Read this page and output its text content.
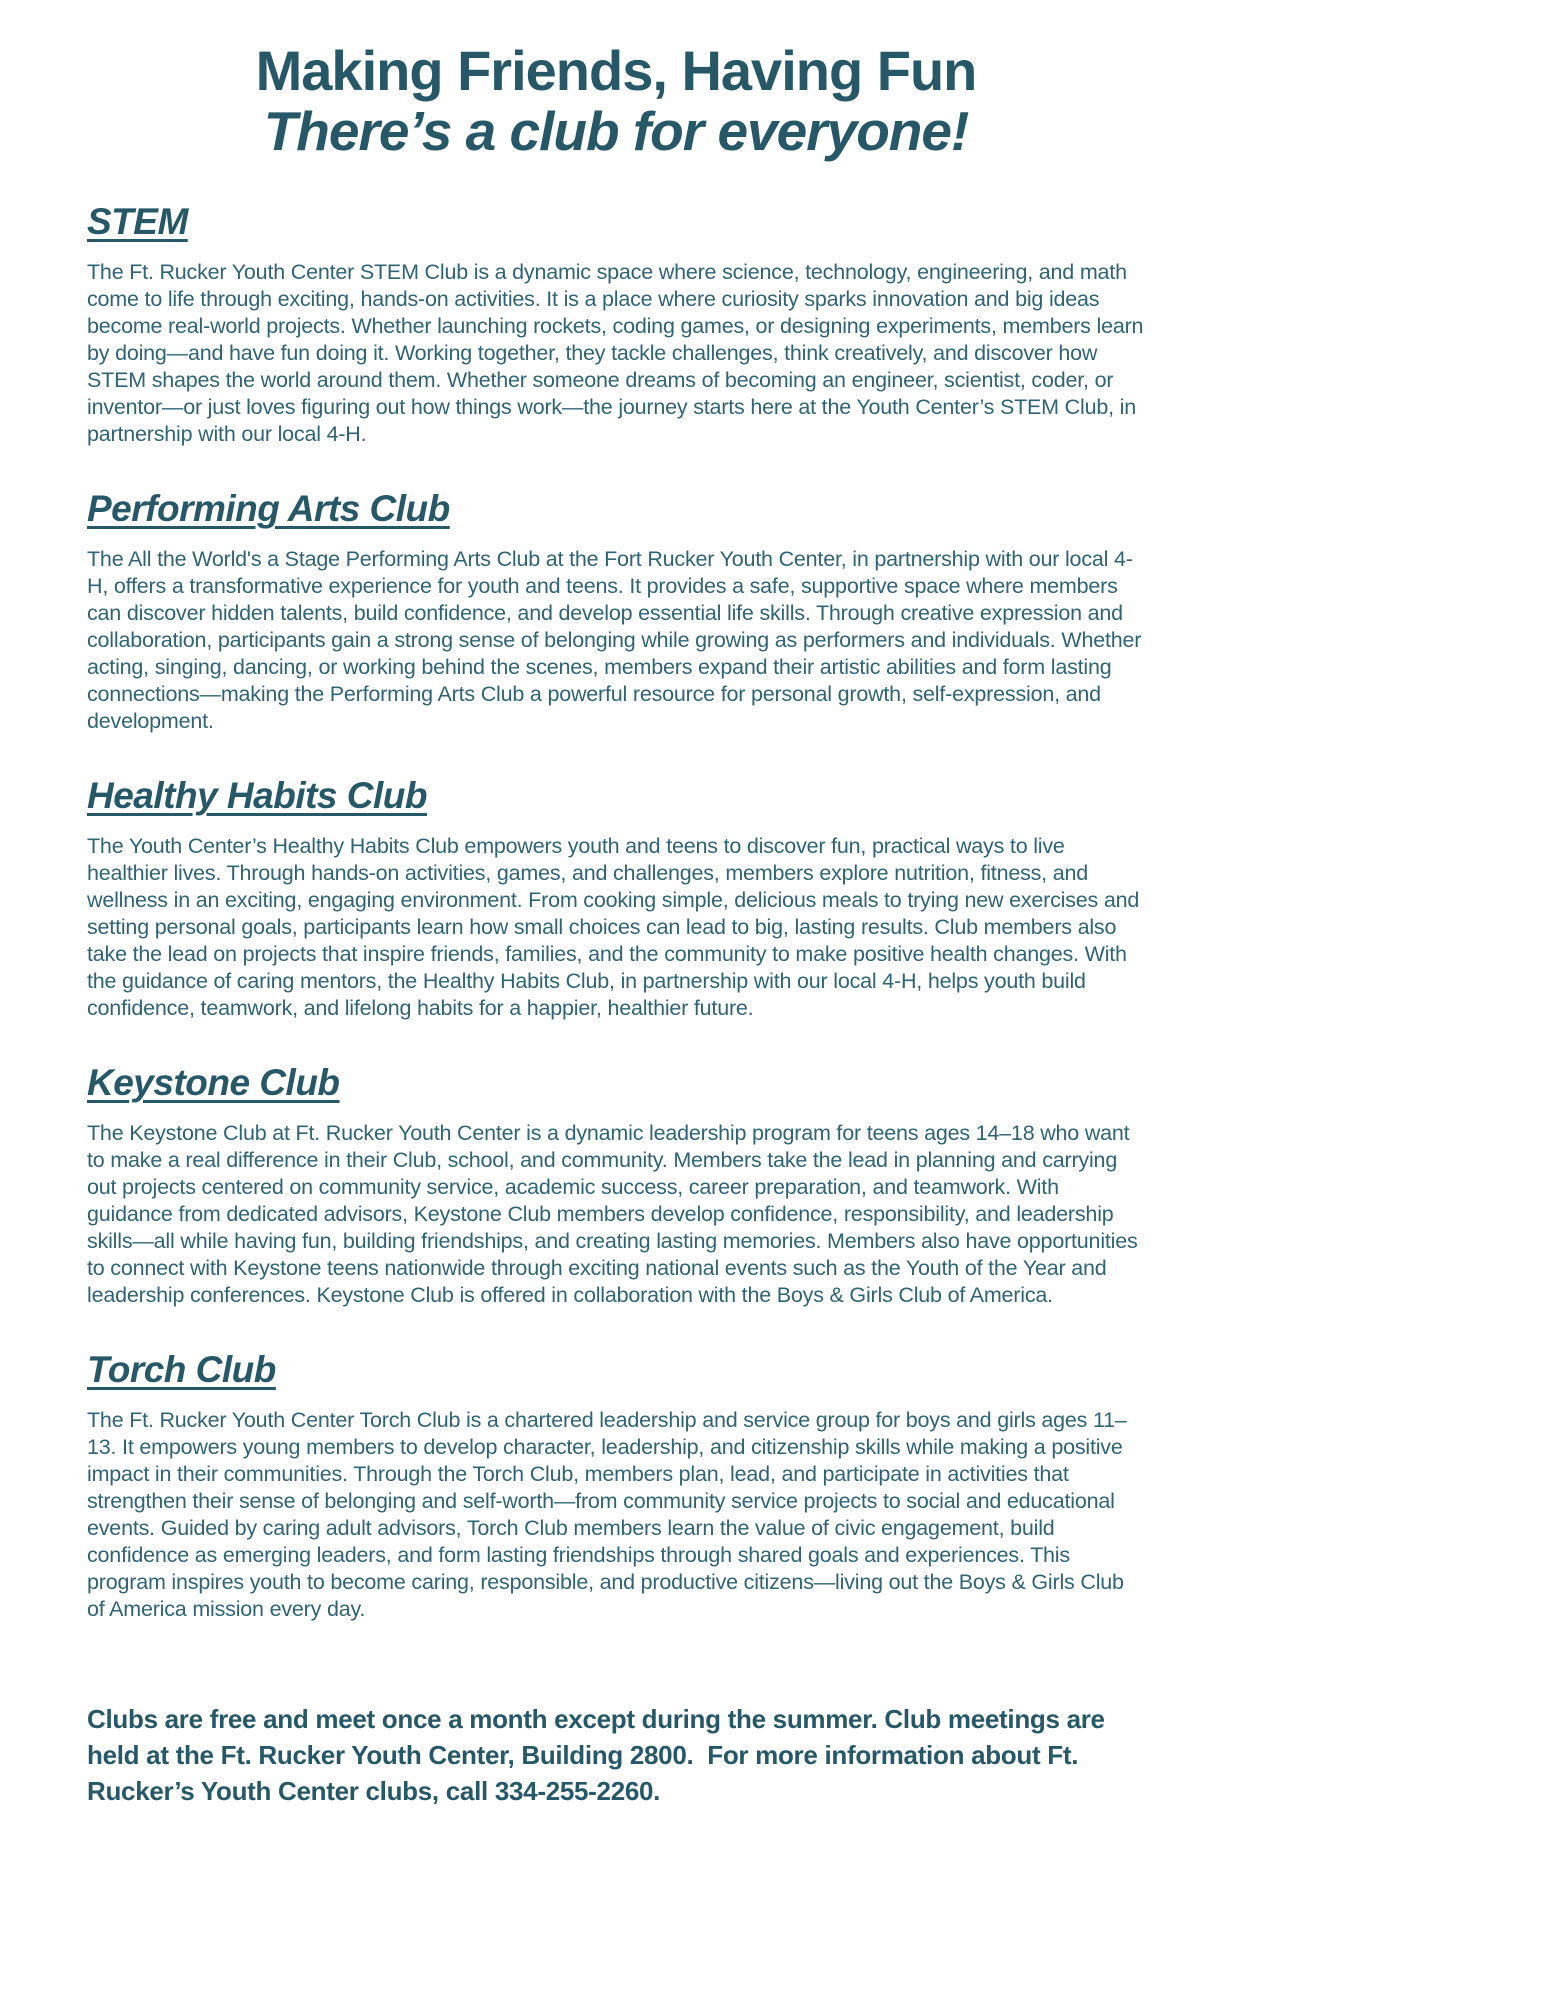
Making Friends, Having Fun
There’s a club for everyone!
STEM
The Ft. Rucker Youth Center STEM Club is a dynamic space where science, technology, engineering, and math come to life through exciting, hands-on activities. It is a place where curiosity sparks innovation and big ideas become real-world projects. Whether launching rockets, coding games, or designing experiments, members learn by doing—and have fun doing it. Working together, they tackle challenges, think creatively, and discover how STEM shapes the world around them. Whether someone dreams of becoming an engineer, scientist, coder, or inventor—or just loves figuring out how things work—the journey starts here at the Youth Center’s STEM Club, in partnership with our local 4-H.
Performing Arts Club
The All the World's a Stage Performing Arts Club at the Fort Rucker Youth Center, in partnership with our local 4-H, offers a transformative experience for youth and teens. It provides a safe, supportive space where members can discover hidden talents, build confidence, and develop essential life skills. Through creative expression and collaboration, participants gain a strong sense of belonging while growing as performers and individuals. Whether acting, singing, dancing, or working behind the scenes, members expand their artistic abilities and form lasting connections—making the Performing Arts Club a powerful resource for personal growth, self-expression, and development.
Healthy Habits Club
The Youth Center’s Healthy Habits Club empowers youth and teens to discover fun, practical ways to live healthier lives. Through hands-on activities, games, and challenges, members explore nutrition, fitness, and wellness in an exciting, engaging environment. From cooking simple, delicious meals to trying new exercises and setting personal goals, participants learn how small choices can lead to big, lasting results. Club members also take the lead on projects that inspire friends, families, and the community to make positive health changes. With the guidance of caring mentors, the Healthy Habits Club, in partnership with our local 4-H, helps youth build confidence, teamwork, and lifelong habits for a happier, healthier future.
Keystone Club
The Keystone Club at Ft. Rucker Youth Center is a dynamic leadership program for teens ages 14–18 who want to make a real difference in their Club, school, and community. Members take the lead in planning and carrying out projects centered on community service, academic success, career preparation, and teamwork. With guidance from dedicated advisors, Keystone Club members develop confidence, responsibility, and leadership skills—all while having fun, building friendships, and creating lasting memories. Members also have opportunities to connect with Keystone teens nationwide through exciting national events such as the Youth of the Year and leadership conferences. Keystone Club is offered in collaboration with the Boys & Girls Club of America.
Torch Club
The Ft. Rucker Youth Center Torch Club is a chartered leadership and service group for boys and girls ages 11–13. It empowers young members to develop character, leadership, and citizenship skills while making a positive impact in their communities. Through the Torch Club, members plan, lead, and participate in activities that strengthen their sense of belonging and self-worth—from community service projects to social and educational events. Guided by caring adult advisors, Torch Club members learn the value of civic engagement, build confidence as emerging leaders, and form lasting friendships through shared goals and experiences. This program inspires youth to become caring, responsible, and productive citizens—living out the Boys & Girls Club of America mission every day.
Clubs are free and meet once a month except during the summer. Club meetings are held at the Ft. Rucker Youth Center, Building 2800.  For more information about Ft. Rucker’s Youth Center clubs, call 334-255-2260.
